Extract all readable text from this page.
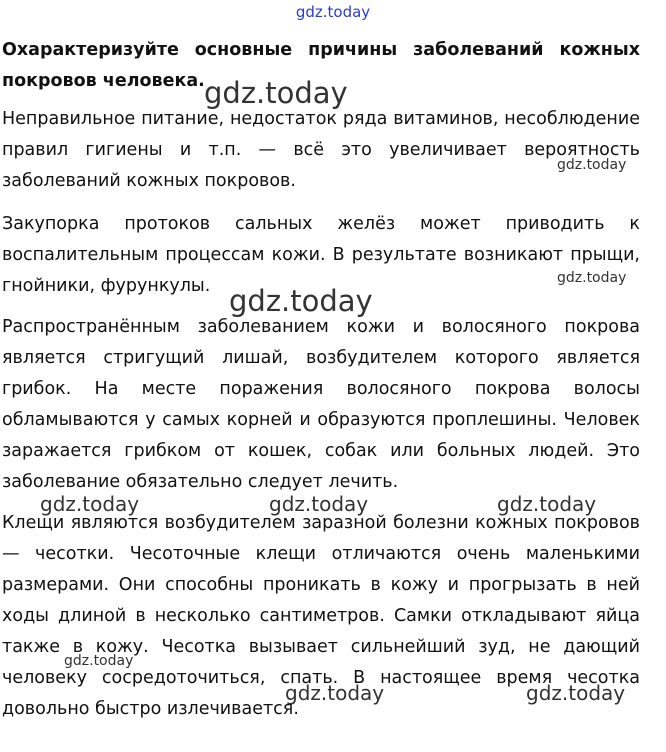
gdz.today
Охарактеризуйте основные причины заболеваний кожных покровов человека.

Неправильное питание, недостаток ряда витаминов, несоблюдение правил гигиены и т.п. — всё это увеличивает вероятность заболеваний кожных покровов.

Закупорка протоков сальных желёз может приводить к воспалительным процессам кожи. В результате возникают прыщи, гнойники, фурункулы.

Распространённым заболеванием кожи и волосяного покрова является стригущий лишай, возбудителем которого является грибок. На месте поражения волосяного покрова волосы обламываются у самых корней и образуются проплешины. Человек заражается грибком от кошек, собак или больных людей. Это заболевание обязательно следует лечить.

Клещи являются возбудителем заразной болезни кожных покровов — чесотки. Чесоточные клещи отличаются очень маленькими размерами. Они способны проникать в кожу и прогрызать в ней ходы длиной в несколько сантиметров. Самки откладывают яйца также в кожу. Чесотка вызывает сильнейший зуд, не дающий человеку сосредоточиться, спать. В настоящее время чесотка довольно быстро излечивается.

gdz.today
gdz.today
gdz.today
gdz.today
gdz.today	gdz.today	gdz.today
gdz.today
gdz.today	gdz.today
